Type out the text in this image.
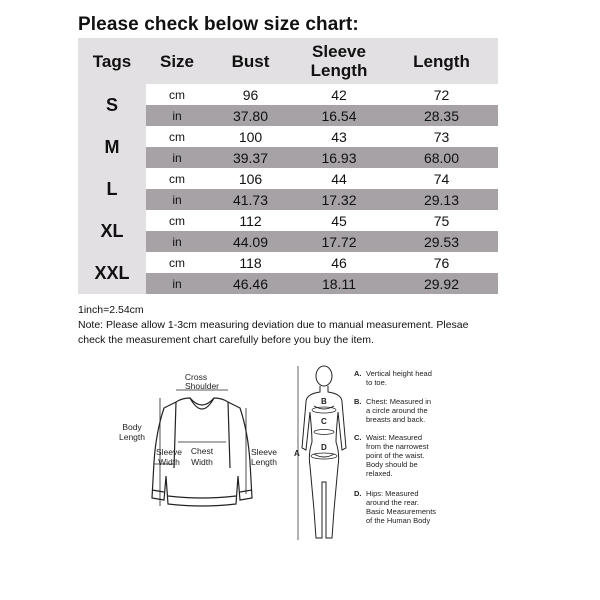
Please check below size chart:
Tags	Size	Bust	Sleeve Length	Length
S	cm	96	42	72
in	37.80	16.54	28.35
M	cm	100	43	73
in	39.37	16.93	68.00
L	cm	106	44	74
in	41.73	17.32	29.13
XL	cm	112	45	75
in	44.09	17.72	29.53
XXL	cm	118	46	76
in	46.46	18.11	29.92
1inch=2.54cm
Note: Please allow 1-3cm measuring deviation due to manual measurement. Plesae
check the measurement chart carefully before you buy the item.
Cross
Shoulder
Body
Length
Sleeve
Width
Chest
Width
Sleeve
Length
A
B
C
D
A. Vertical height head
to toe.
B. Chest: Measured in
a circle around the
breasts and back.
C. Waist: Measured
from the narrowest
point of the waist.
Body should be
relaxed.
D. Hips: Measured
around the rear.
Basic Measurements
of the Human Body
